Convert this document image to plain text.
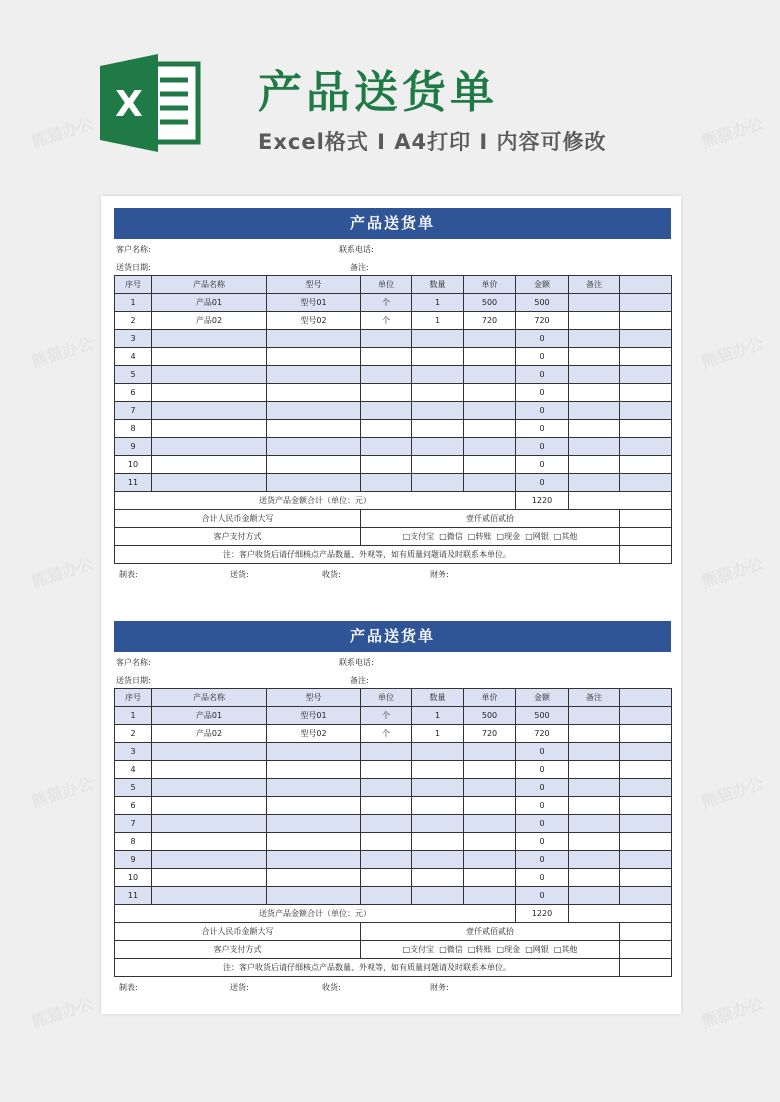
X	产品送货单
Excel格式 I A4打印 I 内容可修改
产品送货单
客户名称:	联系电话:
送货日期:	备注:
序号	产品名称	型号	单位	数量	单价	金额	备注	
1	产品01	型号01	个	1	500	500		
2	产品02	型号02	个	1	720	720		
3						0		
4						0		
5						0		
6						0		
7						0		
8						0		
9						0		
10						0		
11						0		
送货产品金额合计（单位：元）						1220		
合计人民币金额大写			壹仟贰佰贰拾					
客户支付方式			□支付宝 □微信 □转账 □现金 □网银 □其他					
注：客户收货后请仔细核点产品数量、外观等，如有质量问题请及时联系本单位。								
制表:	送货:	收货:	财务:
产品送货单
客户名称:	联系电话:
送货日期:	备注:
序号	产品名称	型号	单位	数量	单价	金额	备注	
1	产品01	型号01	个	1	500	500		
2	产品02	型号02	个	1	720	720		
3						0		
4						0		
5						0		
6						0		
7						0		
8						0		
9						0		
10						0		
11						0		
送货产品金额合计（单位：元）						1220		
合计人民币金额大写			壹仟贰佰贰拾					
客户支付方式			□支付宝 □微信 □转账 □现金 □网银 □其他					
注：客户收货后请仔细核点产品数量、外观等，如有质量问题请及时联系本单位。								
制表:	送货:	收货:	财务:
熊猫办公	熊猫办公
熊猫办公	熊猫办公
熊猫办公	熊猫办公
熊猫办公	熊猫办公
熊猫办公	熊猫办公
